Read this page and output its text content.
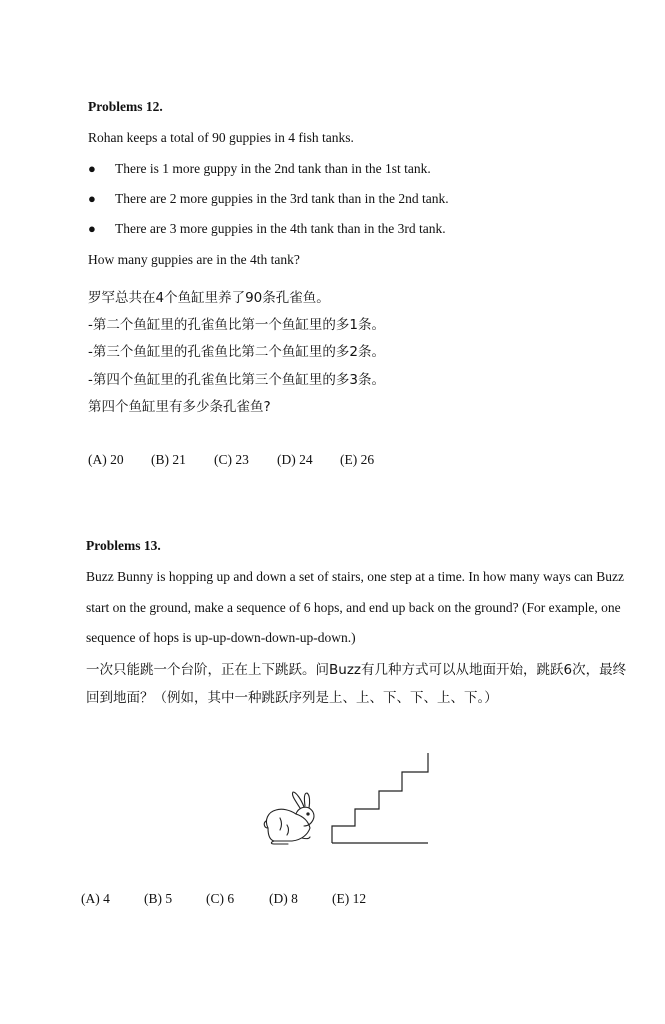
Problems 12.
Rohan keeps a total of 90 guppies in 4 fish tanks.
● There is 1 more guppy in the 2nd tank than in the 1st tank.
● There are 2 more guppies in the 3rd tank than in the 2nd tank.
● There are 3 more guppies in the 4th tank than in the 3rd tank.
How many guppies are in the 4th tank?
罗罕总共在4个鱼缸里养了90条孔雀鱼。
-第二个鱼缸里的孔雀鱼比第一个鱼缸里的多1条。
-第三个鱼缸里的孔雀鱼比第二个鱼缸里的多2条。
-第四个鱼缸里的孔雀鱼比第三个鱼缸里的多3条。
第四个鱼缸里有多少条孔雀鱼?
(A) 20 (B) 21 (C) 23 (D) 24 (E) 26
Problems 13.
Buzz Bunny is hopping up and down a set of stairs, one step at a time. In how many ways can Buzz
start on the ground, make a sequence of 6 hops, and end up back on the ground? (For example, one
sequence of hops is up-up-down-down-up-down.)
一次只能跳一个台阶，正在上下跳跃。问Buzz有几种方式可以从地面开始，跳跃6次，最终
回到地面？（例如，其中一种跳跃序列是上、上、下、下、上、下。）
(A) 4	(B) 5	(C) 6	(D) 8	(E) 12
